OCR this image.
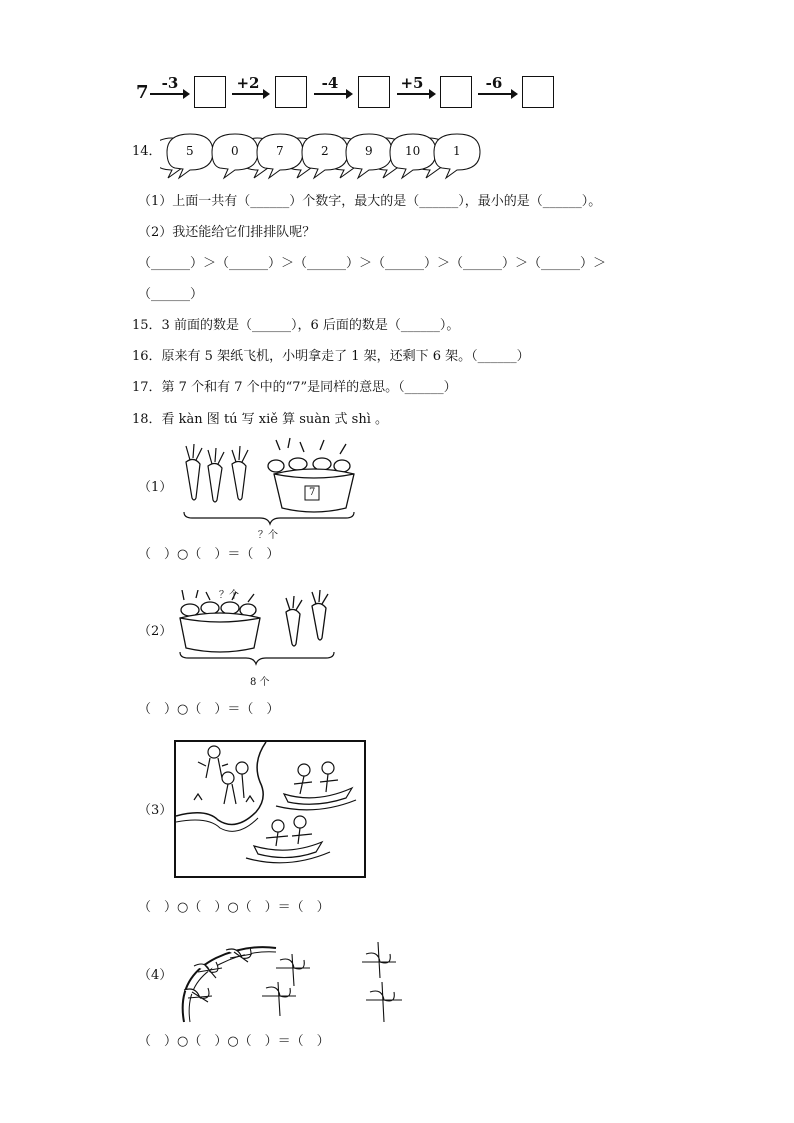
7 -3	+2	-4	+5	-6
14． 5	0	7	2	9	10	1
（1）上面一共有（______）个数字，最大的是（______），最小的是（______）。
（2）我还能给它们排排队呢？
（______）＞（______）＞（______）＞（______）＞（______）＞（______）＞
（______）
15．3 前面的数是（______），6 后面的数是（______）。
16．原来有 5 架纸飞机，小明拿走了 1 架，还剩下 6 架。（______）
17．第 7 个和有 7 个中的“7”是同样的意思。（______）
18．看 kàn 图 tú 写 xiě 算 suàn 式 shì 。
（1）	7
？个
（　）○（　）＝（　）
（2）
？个
8 个
（　）○（　）＝（　）
（3）
（　）○（　）○（　）＝（　）
（4）
（　）○（　）○（　）＝（　）
